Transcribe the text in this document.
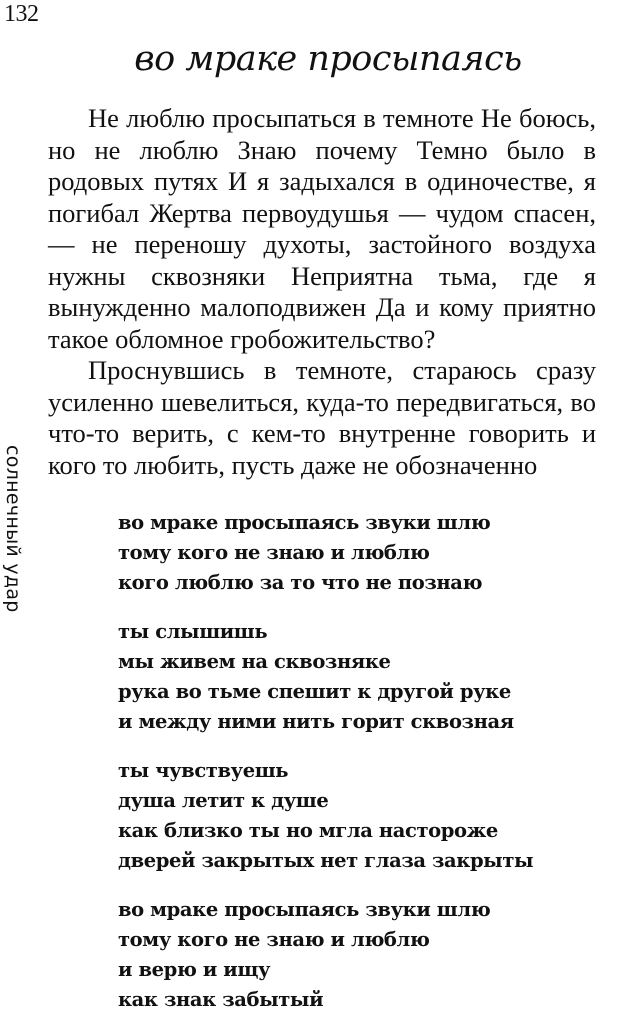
132
во мраке просыпаясь
солнечный удар

Не люблю просыпаться в темноте Не боюсь, но не люблю Знаю почему Темно было в родовых путях И я задыхался в одиночестве, я погибал Жертва первоудушья — чудом спасен, — не переношу духоты, застойного воздуха нужны сквозняки Неприятна тьма, где я вынужденно малоподвижен Да и кому приятно такое обломное гробожительство?

Проснувшись в темноте, стараюсь сразу усиленно шевелиться, куда-то передвигаться, во что-то верить, с кем-то внутренне говорить и кого то любить, пусть даже не обозначенно

во мраке просыпаясь звуки шлю
тому кого не знаю и люблю
кого люблю за то что не познаю
ты слышишь
мы живем на сквозняке
рука во тьме спешит к другой руке
и между ними нить горит сквозная
ты чувствуешь
душа летит к душе
как близко ты но мгла настороже
дверей закрытых нет глаза закрыты
во мраке просыпаясь звуки шлю
тому кого не знаю и люблю
и верю и ищу
как знак забытый
